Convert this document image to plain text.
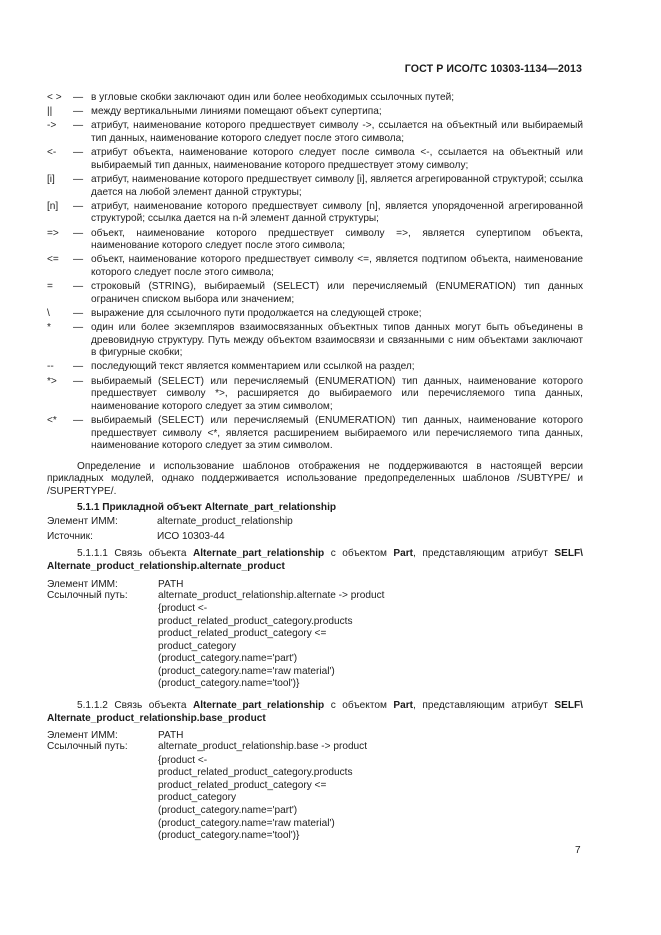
ГОСТ Р ИСО/ТС 10303-1134—2013
< >	— в угловые скобки заключают один или более необходимых ссылочных путей;
||	— между вертикальными линиями помещают объект супертипа;
->	— атрибут, наименование которого предшествует символу ->, ссылается на объектный или выбираемый тип данных, наименование которого следует после этого символа;
<-	— атрибут объекта, наименование которого следует после символа <-, ссылается на объектный или выбираемый тип данных, наименование которого предшествует этому символу;
[i]	— атрибут, наименование которого предшествует символу [i], является агрегированной структурой; ссылка дается на любой элемент данной структуры;
[n]	— атрибут, наименование которого предшествует символу [n], является упорядоченной агрегированной структурой; ссылка дается на n-й элемент данной структуры;
=>	— объект, наименование которого предшествует символу =>, является супертипом объекта, наименование которого следует после этого символа;
<=	— объект, наименование которого предшествует символу <=, является подтипом объекта, наименование которого следует после этого символа;
=	— строковый (STRING), выбираемый (SELECT) или перечисляемый (ENUMERATION) тип данных ограничен списком выбора или значением;
\	— выражение для ссылочного пути продолжается на следующей строке;
*	— один или более экземпляров взаимосвязанных объектных типов данных могут быть объединены в древовидную структуру. Путь между объектом взаимосвязи и связанными с ним объектами заключают в фигурные скобки;
--	— последующий текст является комментарием или ссылкой на раздел;
*>	— выбираемый (SELECT) или перечисляемый (ENUMERATION) тип данных, наименование которого предшествует символу *>, расширяется до выбираемого или перечисляемого типа данных, наименование которого следует за этим символом;
<*	— выбираемый (SELECT) или перечисляемый (ENUMERATION) тип данных, наименование которого предшествует символу <*, является расширением выбираемого или перечисляемого типа данных, наименование которого следует за этим символом.
Определение и использование шаблонов отображения не поддерживаются в настоящей версии прикладных модулей, однако поддерживается использование предопределенных шаблонов /SUBTYPE/ и /SUPERTYPE/.
5.1.1 Прикладной объект Alternate_part_relationship
Элемент ИММ:	alternate_product_relationship
Источник:	ИСО 10303-44
5.1.1.1 Связь объекта Alternate_part_relationship с объектом Part, представляющим атрибут SELF\ Alternate_product_relationship.alternate_product
Элемент ИММ:	PATH
Ссылочный путь:	alternate_product_relationship.alternate -> product
{product <-
product_related_product_category.products
product_related_product_category <=
product_category
(product_category.name='part')
(product_category.name='raw material')
(product_category.name='tool')}
5.1.1.2 Связь объекта Alternate_part_relationship с объектом Part, представляющим атрибут SELF\ Alternate_product_relationship.base_product
Элемент ИММ:	PATH
Ссылочный путь:	alternate_product_relationship.base -> product
{product <-
product_related_product_category.products
product_related_product_category <=
product_category
(product_category.name='part')
(product_category.name='raw material')
(product_category.name='tool')}
7
